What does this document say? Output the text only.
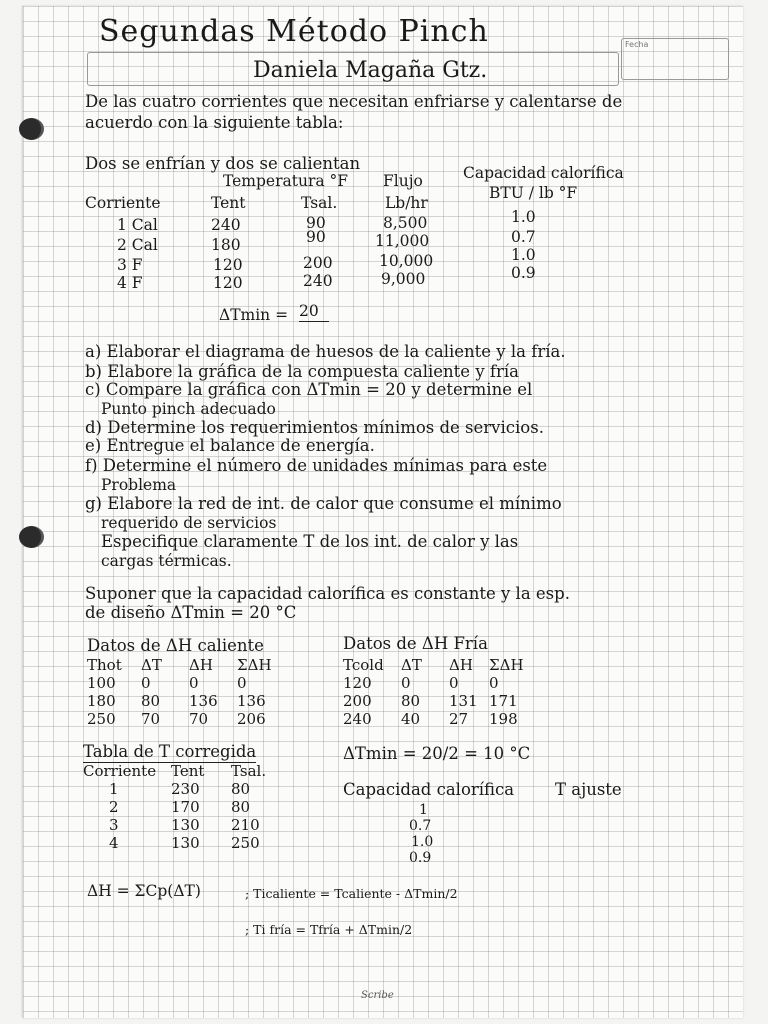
Segundas Método Pinch	Fecha
Daniela Magaña Gtz.
De las cuatro corrientes que necesitan enfriarse y calentarse de
acuerdo con la siguiente tabla:
Dos se enfrían y dos se calientan
Temperatura °F Flujo	Capacidad calorífica
Corriente	Tent	Tsal.	Lb/hr
BTU / lb °F
1 Cal	240	90	8,500	1.0
2 Cal	180	90	11,000	0.7
3 F	120	200	10,000	1.0
4 F	120	240	9,000	0.9
ΔTmin = 20
a) Elaborar el diagrama de huesos de la caliente y la fría.
b) Elabore la gráfica de la compuesta caliente y fría
c) Compare la gráfica con ΔTmin = 20 y determine el
Punto pinch adecuado
d) Determine los requerimientos mínimos de servicios.
e) Entregue el balance de energía.
f) Determine el número de unidades mínimas para este
Problema
g) Elabore la red de int. de calor que consume el mínimo
requerido de servicios
Especifique claramente T de los int. de calor y las
cargas térmicas.
Suponer que la capacidad calorífica es constante y la esp.
de diseño ΔTmin = 20 °C
Datos de ΔH caliente
Thot	ΔT	ΔH	ΣΔH
100	0	0	0
180	80	136	136
250	70	70	206
Datos de ΔH Fría
Tcold	ΔT	ΔH	ΣΔH
120	0	0	0
200	80	131	171
240	40	27	198
Tabla de T corregida
Corriente	Tent	Tsal.
1	230	80
2	170	80
3	130	210
4	130	250
ΔTmin = 20/2 = 10 °C
Capacidad calorífica T ajuste
1
0.7
1.0
0.9
ΔH = ΣCp(ΔT)	; Ticaliente = Tcaliente - ΔTmin/2
; Ti fría = Tfría + ΔTmin/2
Scribe
